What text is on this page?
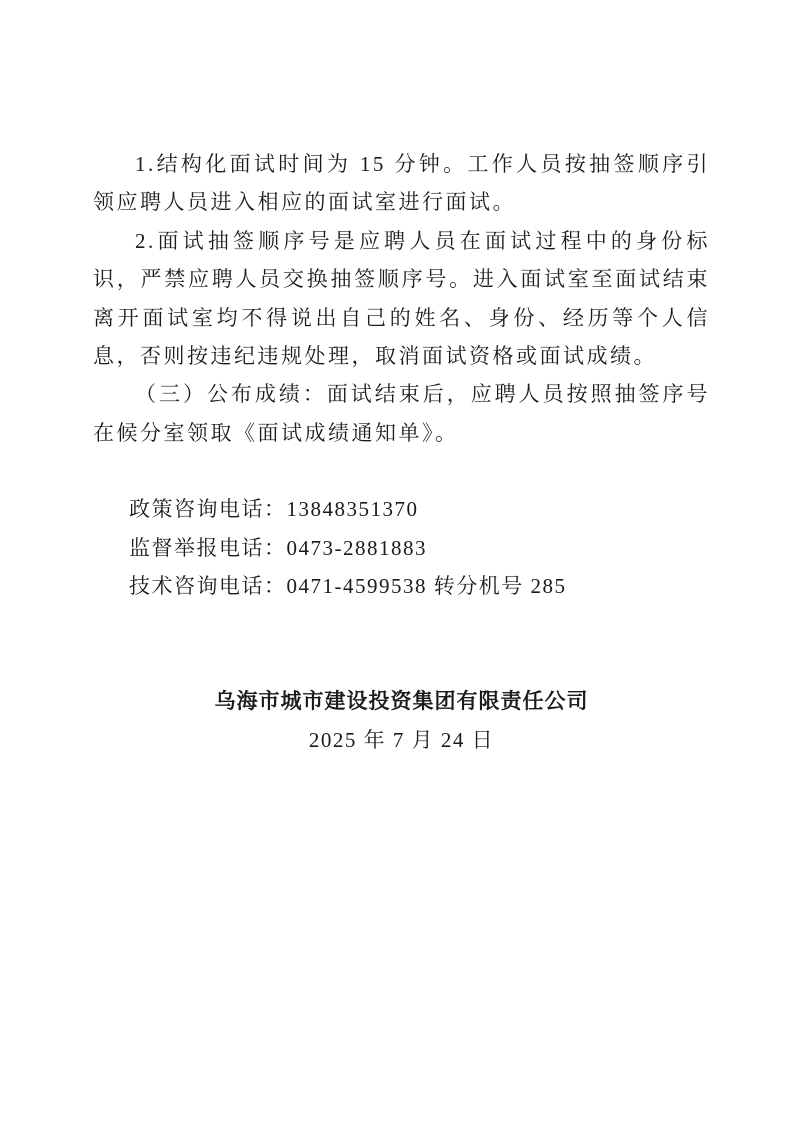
1.结构化面试时间为 15 分钟。工作人员按抽签顺序引领应聘人员进入相应的面试室进行面试。

2.面试抽签顺序号是应聘人员在面试过程中的身份标识，严禁应聘人员交换抽签顺序号。进入面试室至面试结束离开面试室均不得说出自己的姓名、身份、经历等个人信息，否则按违纪违规处理，取消面试资格或面试成绩。

（三）公布成绩：面试结束后，应聘人员按照抽签序号在候分室领取《面试成绩通知单》。

政策咨询电话：13848351370

监督举报电话：0473-2881883

技术咨询电话：0471-4599538 转分机号 285

乌海市城市建设投资集团有限责任公司

2025 年 7 月 24 日
